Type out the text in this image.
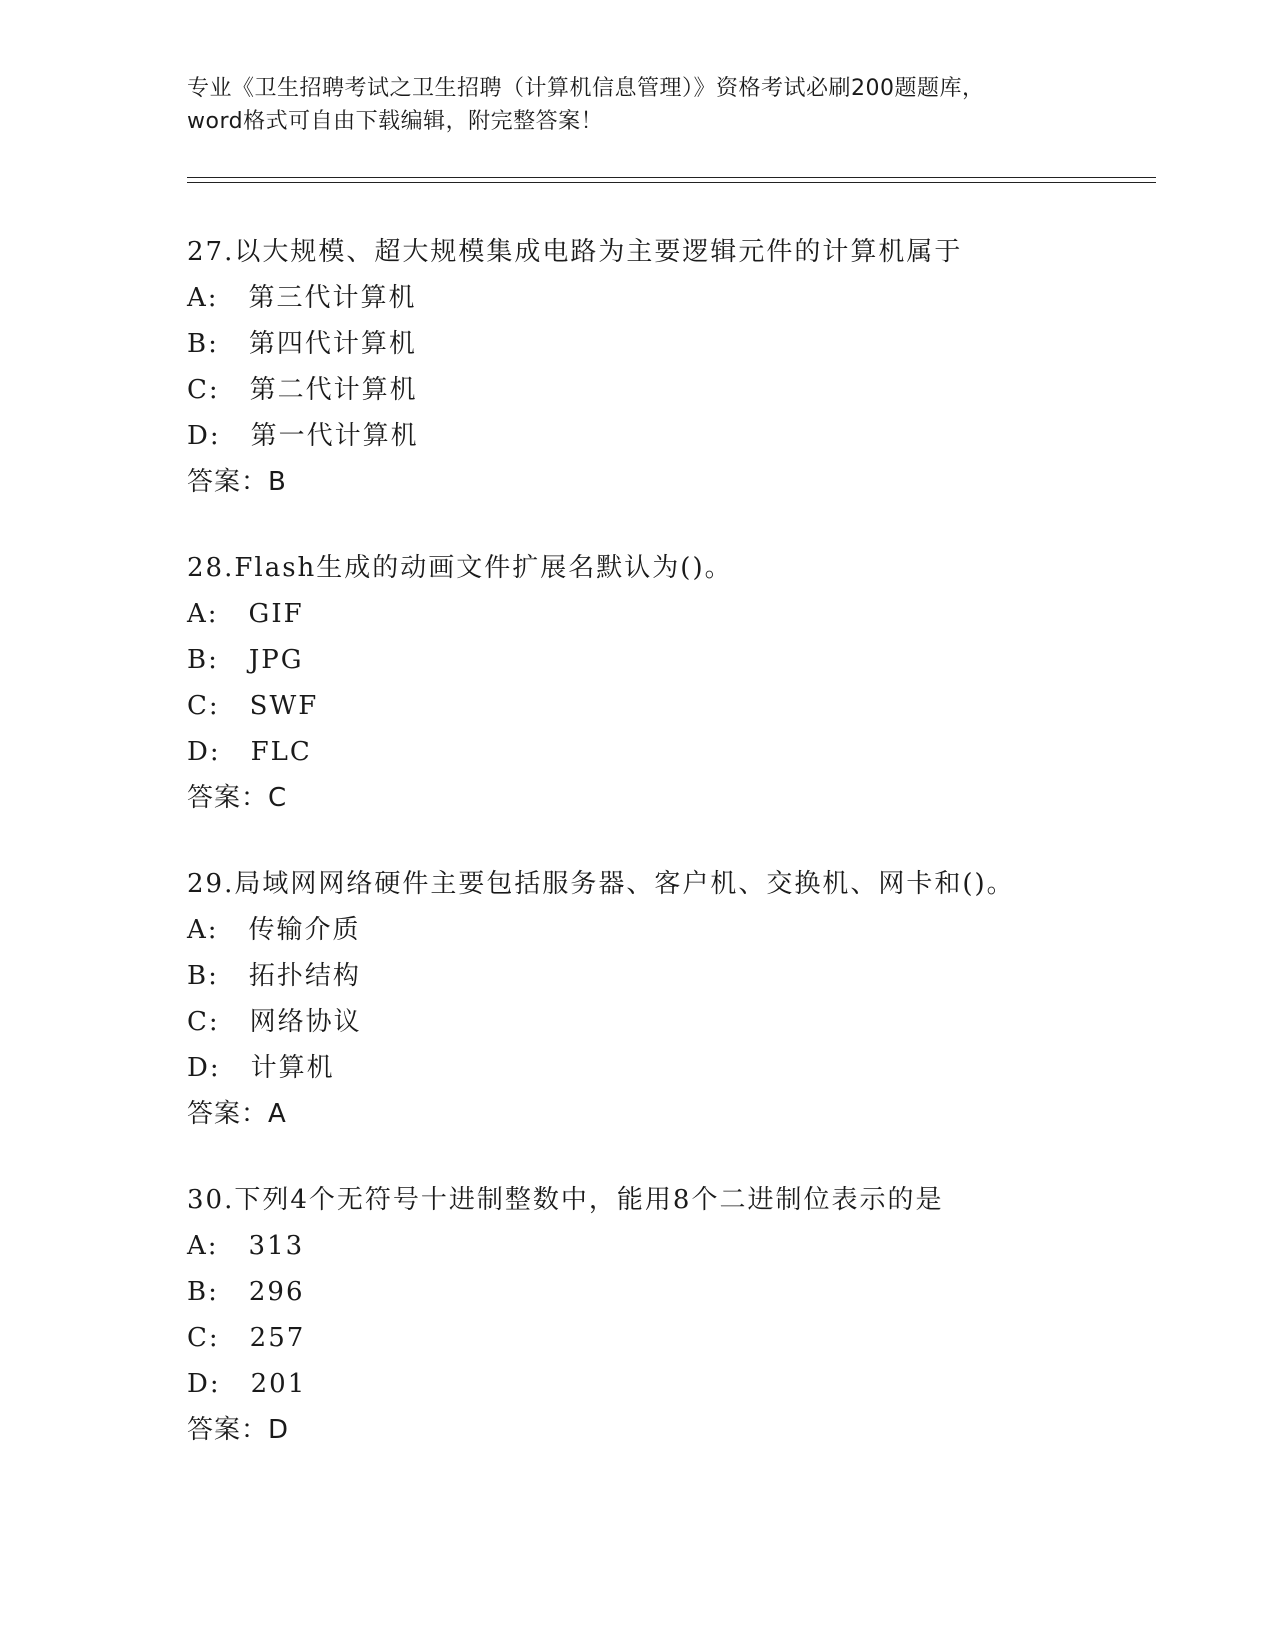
专业《卫生招聘考试之卫生招聘（计算机信息管理）》资格考试必刷200题题库，

word格式可自由下载编辑，附完整答案！

27.以大规模、超大规模集成电路为主要逻辑元件的计算机属于
A: 第三代计算机
B: 第四代计算机
C: 第二代计算机
D: 第一代计算机
答案：B
28.Flash生成的动画文件扩展名默认为()。
A: GIF
B: JPG
C: SWF
D: FLC
答案：C
29.局域网网络硬件主要包括服务器、客户机、交换机、网卡和()。
A: 传输介质
B: 拓扑结构
C: 网络协议
D: 计算机
答案：A
30.下列4个无符号十进制整数中，能用8个二进制位表示的是
A: 313
B: 296
C: 257
D: 201
答案：D
